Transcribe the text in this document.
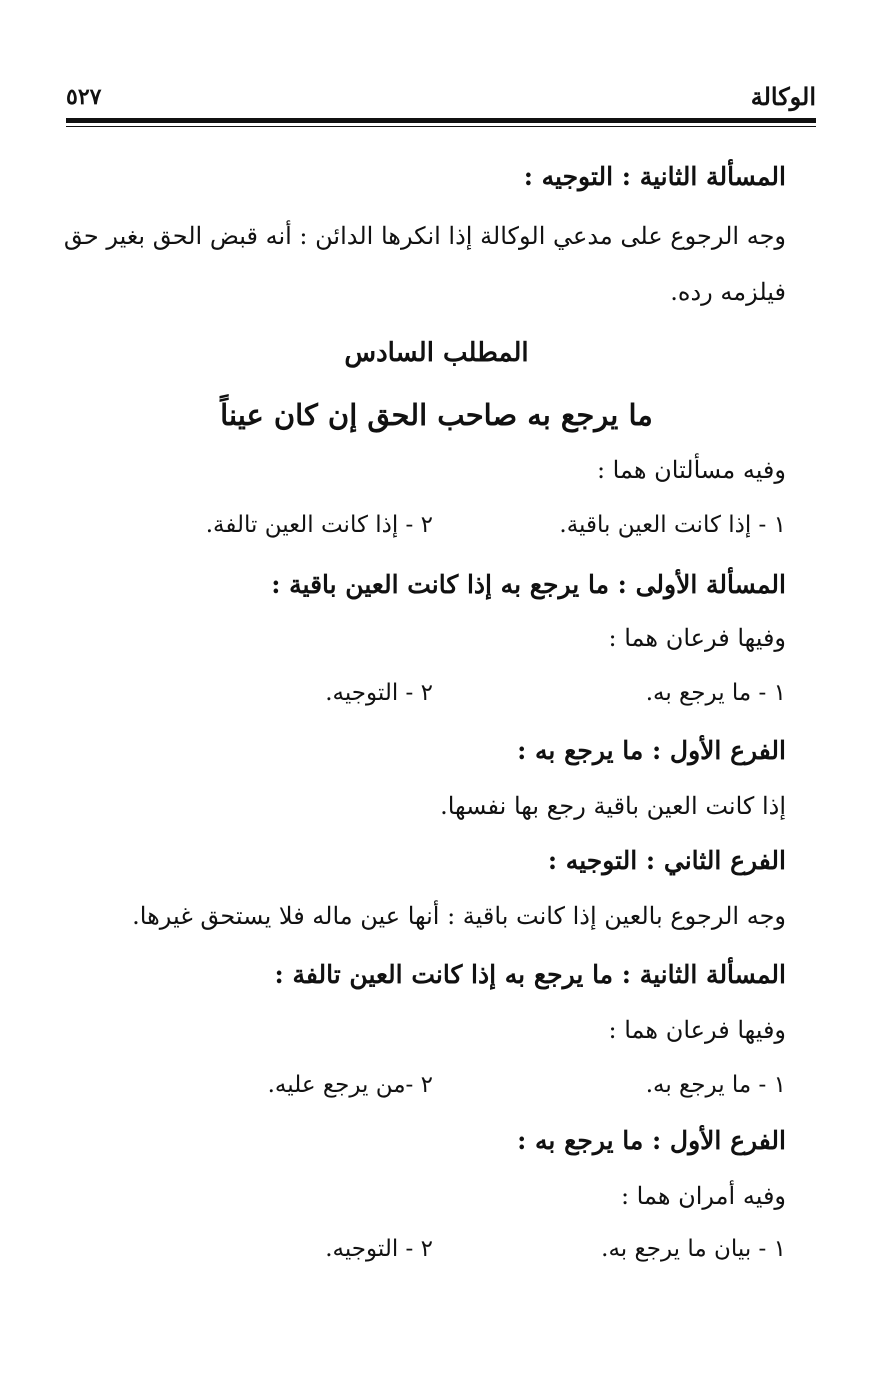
الوكالة
٥٢٧
المسألة الثانية : التوجيه :
وجه الرجوع على مدعي الوكالة إذا انكرها الدائن : أنه قبض الحق بغير حق
فيلزمه رده.
المطلب السادس
ما يرجع به صاحب الحق إن كان عيناً
وفيه مسألتان هما :
١ - إذا كانت العين باقية.
٢ - إذا كانت العين تالفة.
المسألة الأولى : ما يرجع به إذا كانت العين باقية :
وفيها فرعان هما :
١ - ما يرجع به.
٢ - التوجيه.
الفرع الأول : ما يرجع به :
إذا كانت العين باقية رجع بها نفسها.
الفرع الثاني : التوجيه :
وجه الرجوع بالعين إذا كانت باقية : أنها عين ماله فلا يستحق غيرها.
المسألة الثانية : ما يرجع به إذا كانت العين تالفة :
وفيها فرعان هما :
١ - ما يرجع به.
٢ -من يرجع عليه.
الفرع الأول : ما يرجع به :
وفيه أمران هما :
١ - بيان ما يرجع به.
٢ - التوجيه.
